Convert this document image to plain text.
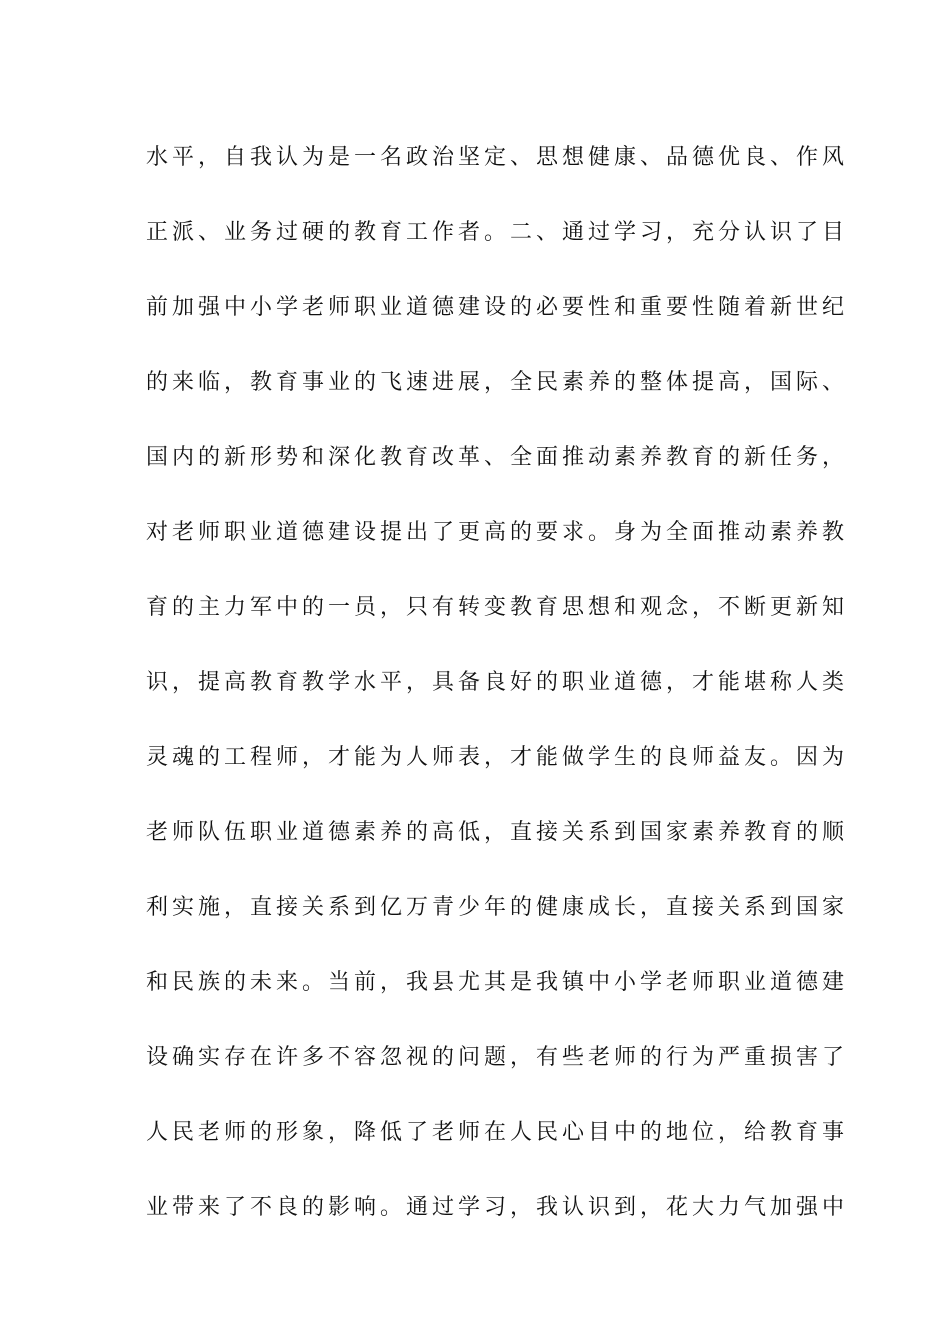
水平，自我认为是一名政治坚定、思想健康、品德优良、作风
正派、业务过硬的教育工作者。二、通过学习，充分认识了目
前加强中小学老师职业道德建设的必要性和重要性随着新世纪
的来临，教育事业的飞速进展，全民素养的整体提高，国际、
国内的新形势和深化教育改革、全面推动素养教育的新任务，
对老师职业道德建设提出了更高的要求。身为全面推动素养教
育的主力军中的一员，只有转变教育思想和观念，不断更新知
识，提高教育教学水平，具备良好的职业道德，才能堪称人类
灵魂的工程师，才能为人师表，才能做学生的良师益友。因为
老师队伍职业道德素养的高低，直接关系到国家素养教育的顺
利实施，直接关系到亿万青少年的健康成长，直接关系到国家
和民族的未来。当前，我县尤其是我镇中小学老师职业道德建
设确实存在许多不容忽视的问题，有些老师的行为严重损害了
人民老师的形象，降低了老师在人民心目中的地位，给教育事
业带来了不良的影响。通过学习，我认识到，花大力气加强中
